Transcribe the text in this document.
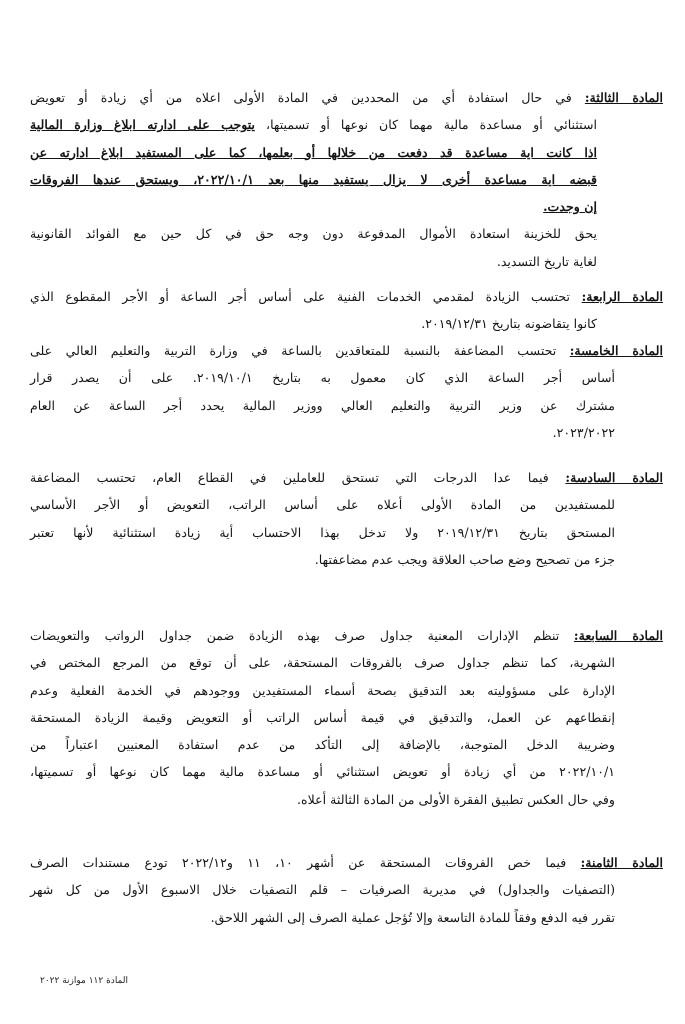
المادة الثالثة: في حال استفادة أي من المحددين في المادة الأولى اعلاه من أي زيادة أو تعويض
استثنائي أو مساعدة مالية مهما كان نوعها أو تسميتها، يتوجب على ادارته ابلاغ وزارة المالية
اذا كانت اية مساعدة قد دفعت من خلالها أو بعلمها، كما على المستفيد ابلاغ ادارته عن
قبضه اية مساعدة أخرى لا يزال يستفيد منها بعد ٢٠٢٢/١٠/١، ويستحق عندها الفروقات
إن وجدت.
يحق للخزينة استعادة الأموال المدفوعة دون وجه حق في كل حين مع الفوائد القانونية
لغاية تاريخ التسديد.
المادة الرابعة: تحتسب الزيادة لمقدمي الخدمات الفنية على أساس أجر الساعة أو الأجر المقطوع الذي
كانوا يتقاضونه بتاريخ ٢٠١٩/١٢/٣١.
المادة الخامسة: تحتسب المضاعفة بالنسبة للمتعاقدين بالساعة في وزارة التربية والتعليم العالي على
أساس أجر الساعة الذي كان معمول به بتاريخ ٢٠١٩/١٠/١. على أن يصدر قرار
مشترك عن وزير التربية والتعليم العالي ووزير المالية يحدد أجر الساعة عن العام
٢٠٢٣/٢٠٢٢.
المادة السادسة: فيما عدا الدرجات التي تستحق للعاملين في القطاع العام، تحتسب المضاعفة
للمستفيدين من المادة الأولى أعلاه على أساس الراتب، التعويض أو الأجر الأساسي
المستحق بتاريخ ٢٠١٩/١٢/٣١ ولا تدخل بهذا الاحتساب أية زيادة استثنائية لأنها تعتبر
جزء من تصحيح وضع صاحب العلاقة ويجب عدم مضاعفتها.
المادة السابعة: تنظم الإدارات المعنية جداول صرف بهذه الزيادة ضمن جداول الرواتب والتعويضات
الشهرية، كما تنظم جداول صرف بالفروقات المستحقة، على أن توقع من المرجع المختص في
الإدارة على مسؤوليته بعد التدقيق بصحة أسماء المستفيدين ووجودهم في الخدمة الفعلية وعدم
إنقطاعهم عن العمل، والتدقيق في قيمة أساس الراتب أو التعويض وقيمة الزيادة المستحقة
وضريبة الدخل المتوجبة، بالإضافة إلى التأكد من عدم استفادة المعنيين اعتباراً من
٢٠٢٢/١٠/١ من أي زيادة أو تعويض استثنائي أو مساعدة مالية مهما كان نوعها أو تسميتها،
وفي حال العكس تطبيق الفقرة الأولى من المادة الثالثة أعلاه.
المادة الثامنة: فيما خص الفروقات المستحقة عن أشهر ١٠، ١١ و٢٠٢٢/١٢ تودع مستندات الصرف
(التصفيات والجداول) في مديرية الصرفيات – قلم التصفيات خلال الاسبوع الأول من كل شهر
تقرر فيه الدفع وفقاً للمادة التاسعة وإلا تُؤجل عملية الصرف إلى الشهر اللاحق.
المادة ١١٢ موازنة ٢٠٢٢
